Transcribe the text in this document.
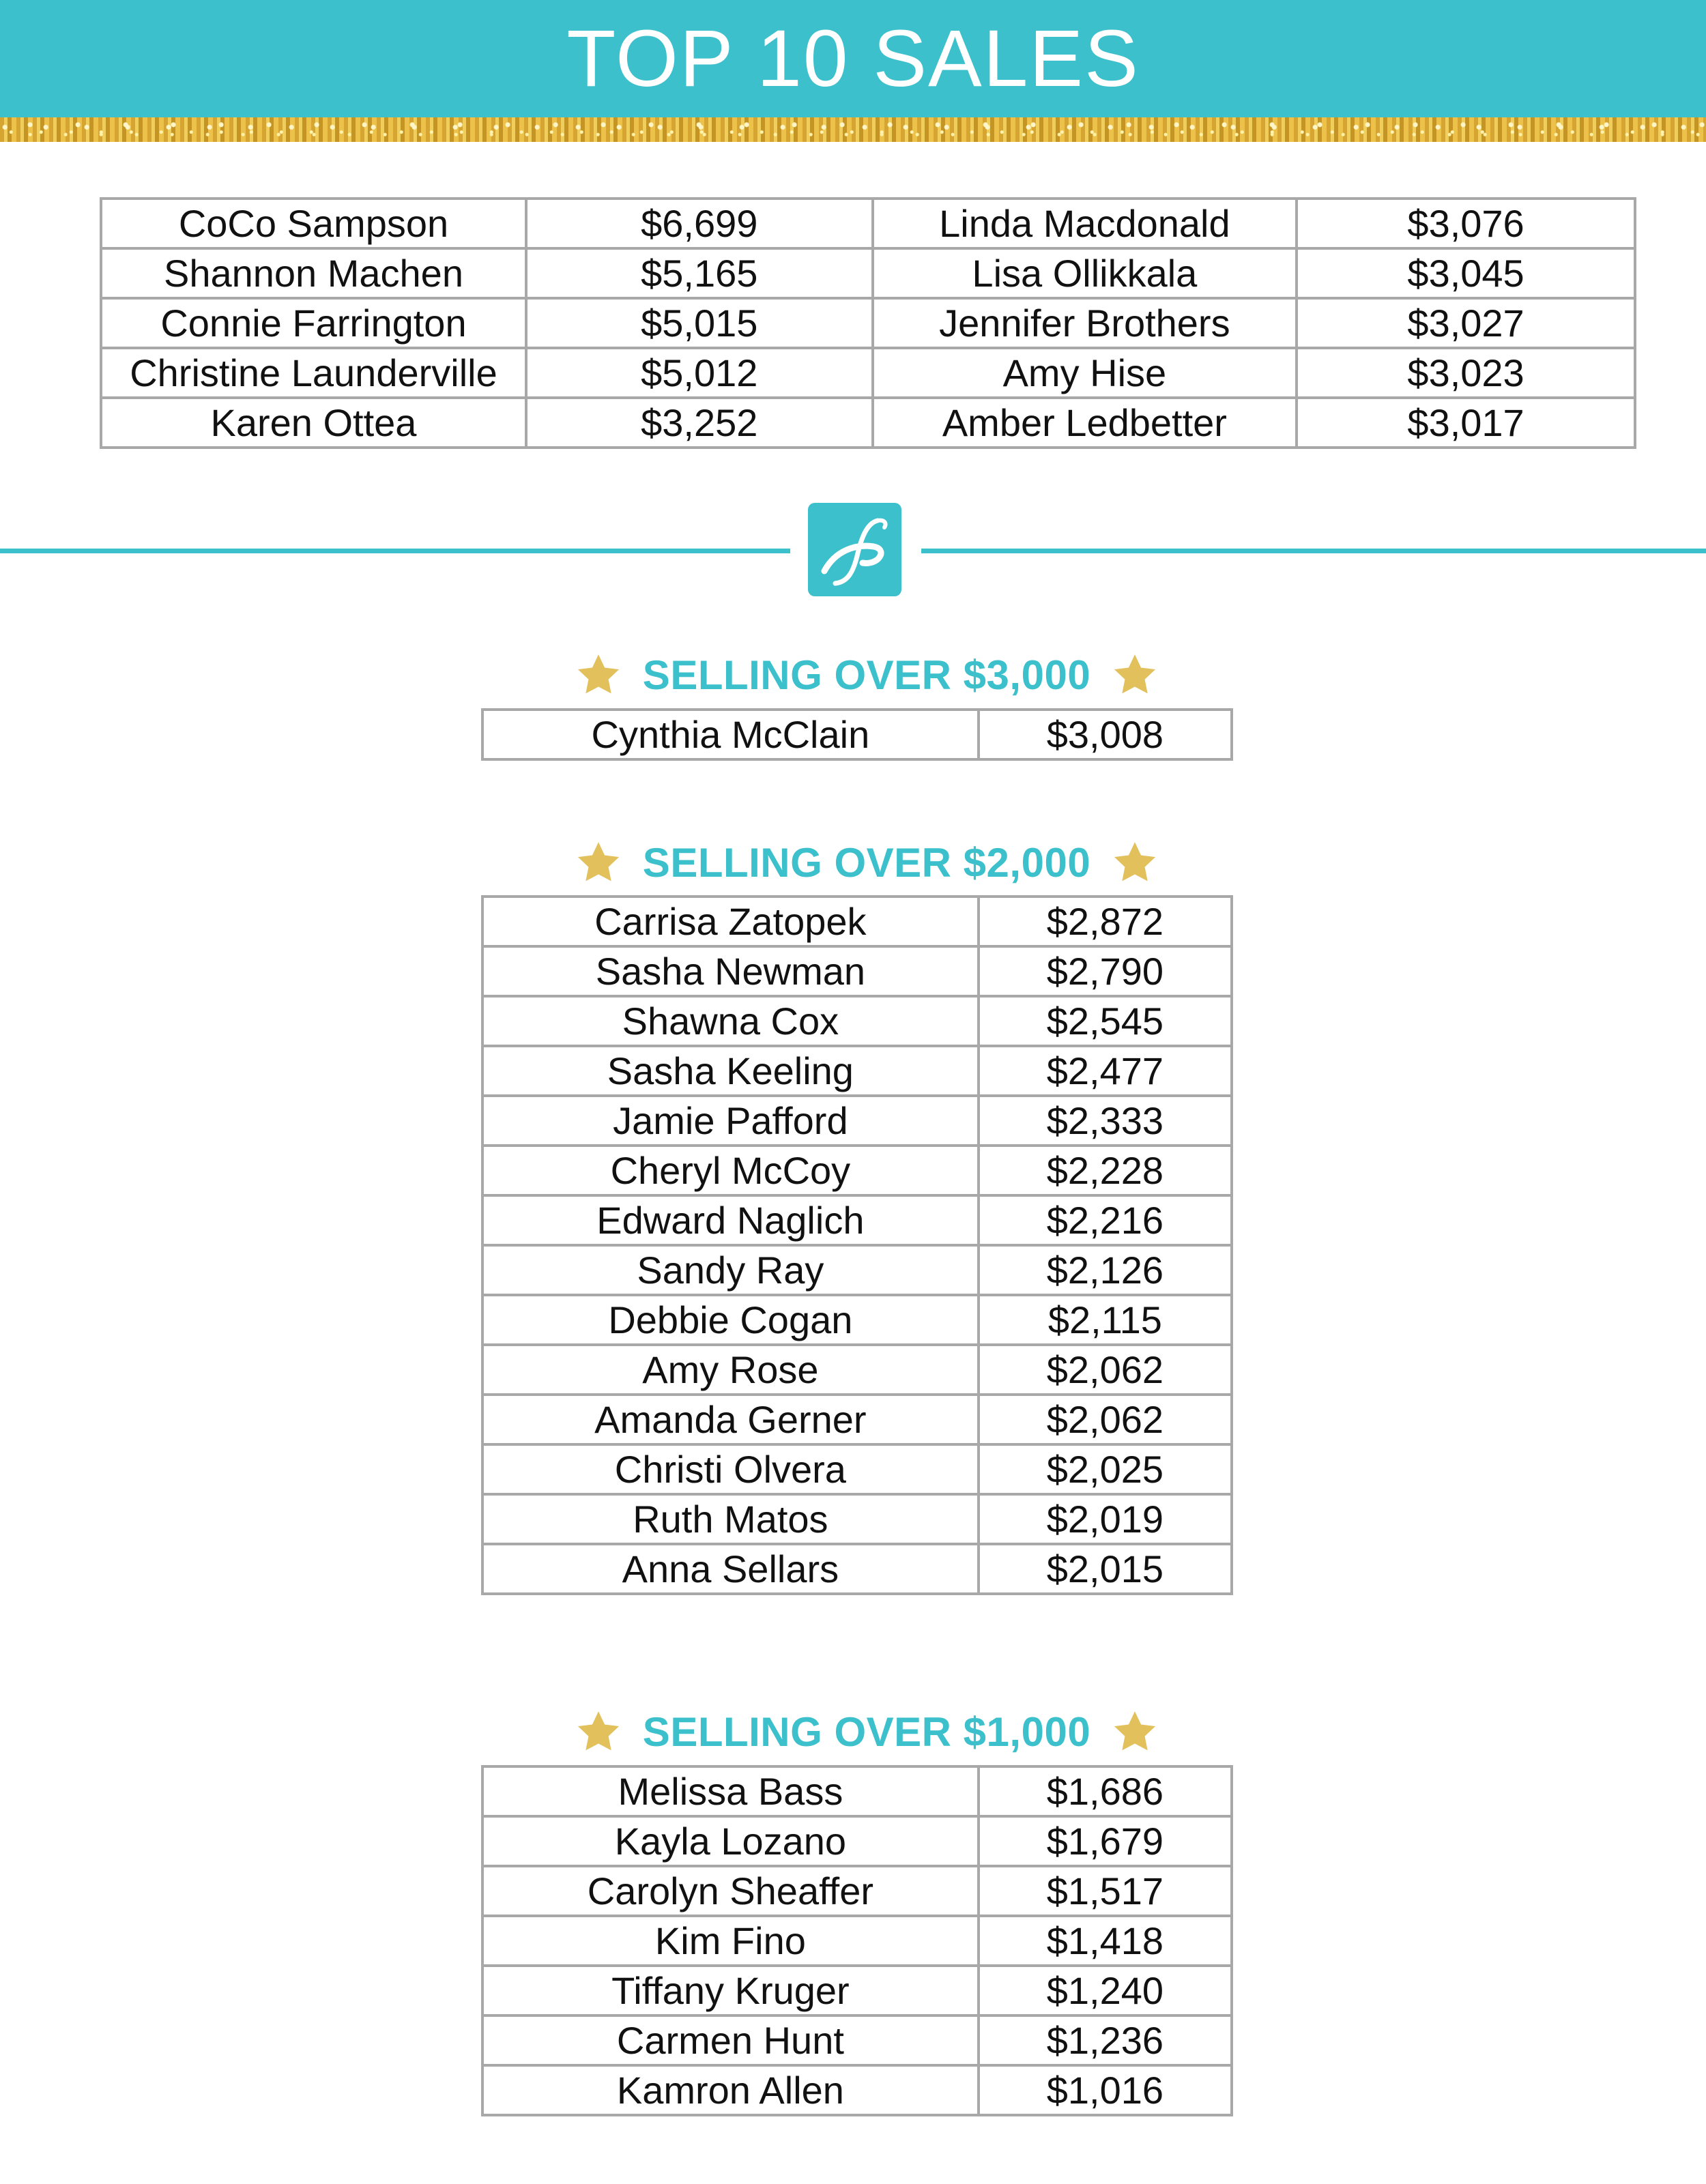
TOP 10 SALES
CoCo Sampson	$6,699	Linda Macdonald	$3,076
Shannon Machen	$5,165	Lisa Ollikkala	$3,045
Connie Farrington	$5,015	Jennifer Brothers	$3,027
Christine Launderville	$5,012	Amy Hise	$3,023
Karen Ottea	$3,252	Amber Ledbetter	$3,017
SELLING OVER $3,000
Cynthia McClain	$3,008
SELLING OVER $2,000
Carrisa Zatopek	$2,872
Sasha Newman	$2,790
Shawna Cox	$2,545
Sasha Keeling	$2,477
Jamie Pafford	$2,333
Cheryl McCoy	$2,228
Edward Naglich	$2,216
Sandy Ray	$2,126
Debbie Cogan	$2,115
Amy Rose	$2,062
Amanda Gerner	$2,062
Christi Olvera	$2,025
Ruth Matos	$2,019
Anna Sellars	$2,015
SELLING OVER $1,000
Melissa Bass	$1,686
Kayla Lozano	$1,679
Carolyn Sheaffer	$1,517
Kim Fino	$1,418
Tiffany Kruger	$1,240
Carmen Hunt	$1,236
Kamron Allen	$1,016
